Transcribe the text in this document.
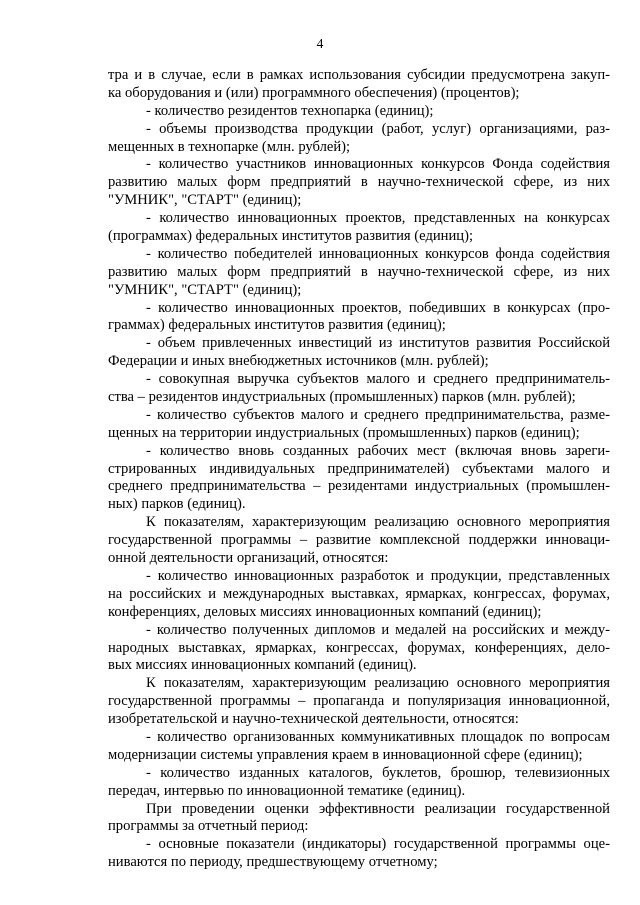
4
тра и в случае, если в рамках использования субсидии предусмотрена закуп-
ка оборудования и (или) программного обеспечения) (процентов);
- количество резидентов технопарка (единиц);
- объемы производства продукции (работ, услуг) организациями, раз-
мещенных в технопарке (млн. рублей);
- количество участников инновационных конкурсов Фонда содействия
развитию малых форм предприятий в научно-технической сфере, из них
"УМНИК", "СТАРТ" (единиц);
- количество инновационных проектов, представленных на конкурсах
(программах) федеральных институтов развития (единиц);
- количество победителей инновационных конкурсов фонда содействия
развитию малых форм предприятий в научно-технической сфере, из них
"УМНИК", "СТАРТ" (единиц);
- количество инновационных проектов, победивших в конкурсах (про-
граммах) федеральных институтов развития (единиц);
- объем привлеченных инвестиций из институтов развития Российской
Федерации и иных внебюджетных источников (млн. рублей);
- совокупная выручка субъектов малого и среднего предприниматель-
ства – резидентов индустриальных (промышленных) парков (млн. рублей);
- количество субъектов малого и среднего предпринимательства, разме-
щенных на территории индустриальных (промышленных) парков (единиц);
- количество вновь созданных рабочих мест (включая вновь зареги-
стрированных индивидуальных предпринимателей) субъектами малого и
среднего предпринимательства – резидентами индустриальных (промышлен-
ных) парков (единиц).
К показателям, характеризующим реализацию основного мероприятия
государственной программы – развитие комплексной поддержки инноваци-
онной деятельности организаций, относятся:
- количество инновационных разработок и продукции, представленных
на российских и международных выставках, ярмарках, конгрессах, форумах,
конференциях, деловых миссиях инновационных компаний (единиц);
- количество полученных дипломов и медалей на российских и между-
народных выставках, ярмарках, конгрессах, форумах, конференциях, дело-
вых миссиях инновационных компаний (единиц).
К показателям, характеризующим реализацию основного мероприятия
государственной программы – пропаганда и популяризация инновационной,
изобретательской и научно-технической деятельности, относятся:
- количество организованных коммуникативных площадок по вопросам
модернизации системы управления краем в инновационной сфере (единиц);
- количество изданных каталогов, буклетов, брошюр, телевизионных
передач, интервью по инновационной тематике (единиц).
При проведении оценки эффективности реализации государственной
программы за отчетный период:
- основные показатели (индикаторы) государственной программы оце-
ниваются по периоду, предшествующему отчетному;
